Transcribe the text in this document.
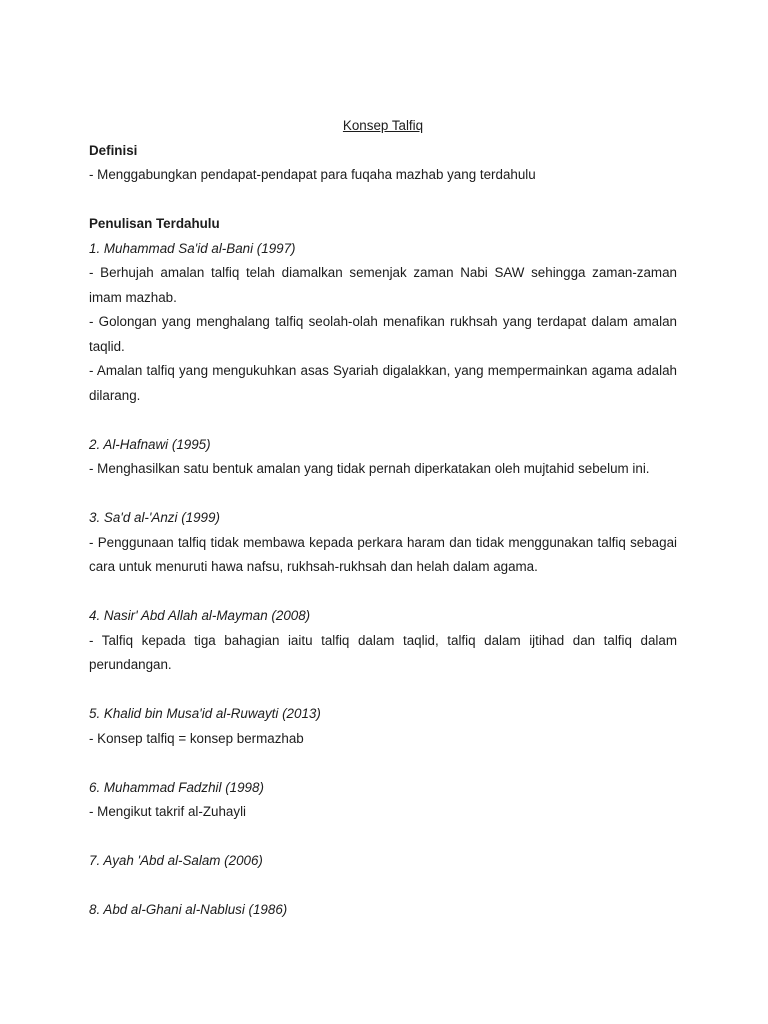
Konsep Talfiq

Definisi

- Menggabungkan pendapat-pendapat para fuqaha mazhab yang terdahulu

Penulisan Terdahulu

1. Muhammad Sa'id al-Bani (1997)

- Berhujah amalan talfiq telah diamalkan semenjak zaman Nabi SAW sehingga zaman-zaman imam mazhab.

- Golongan yang menghalang talfiq seolah-olah menafikan rukhsah yang terdapat dalam amalan taqlid.

- Amalan talfiq yang mengukuhkan asas Syariah digalakkan, yang mempermainkan agama adalah dilarang.

2. Al-Hafnawi (1995)

- Menghasilkan satu bentuk amalan yang tidak pernah diperkatakan oleh mujtahid sebelum ini.

3. Sa'd al-'Anzi (1999)

- Penggunaan talfiq tidak membawa kepada perkara haram dan tidak menggunakan talfiq sebagai cara untuk menuruti hawa nafsu, rukhsah-rukhsah dan helah dalam agama.

4. Nasir' Abd Allah al-Mayman (2008)

- Talfiq kepada tiga bahagian iaitu talfiq dalam taqlid, talfiq dalam ijtihad dan talfiq dalam perundangan.

5. Khalid bin Musa'id al-Ruwayti (2013)

- Konsep talfiq = konsep bermazhab

6. Muhammad Fadzhil (1998)

- Mengikut takrif al-Zuhayli

7. Ayah 'Abd al-Salam (2006)

8. Abd al-Ghani al-Nablusi (1986)
